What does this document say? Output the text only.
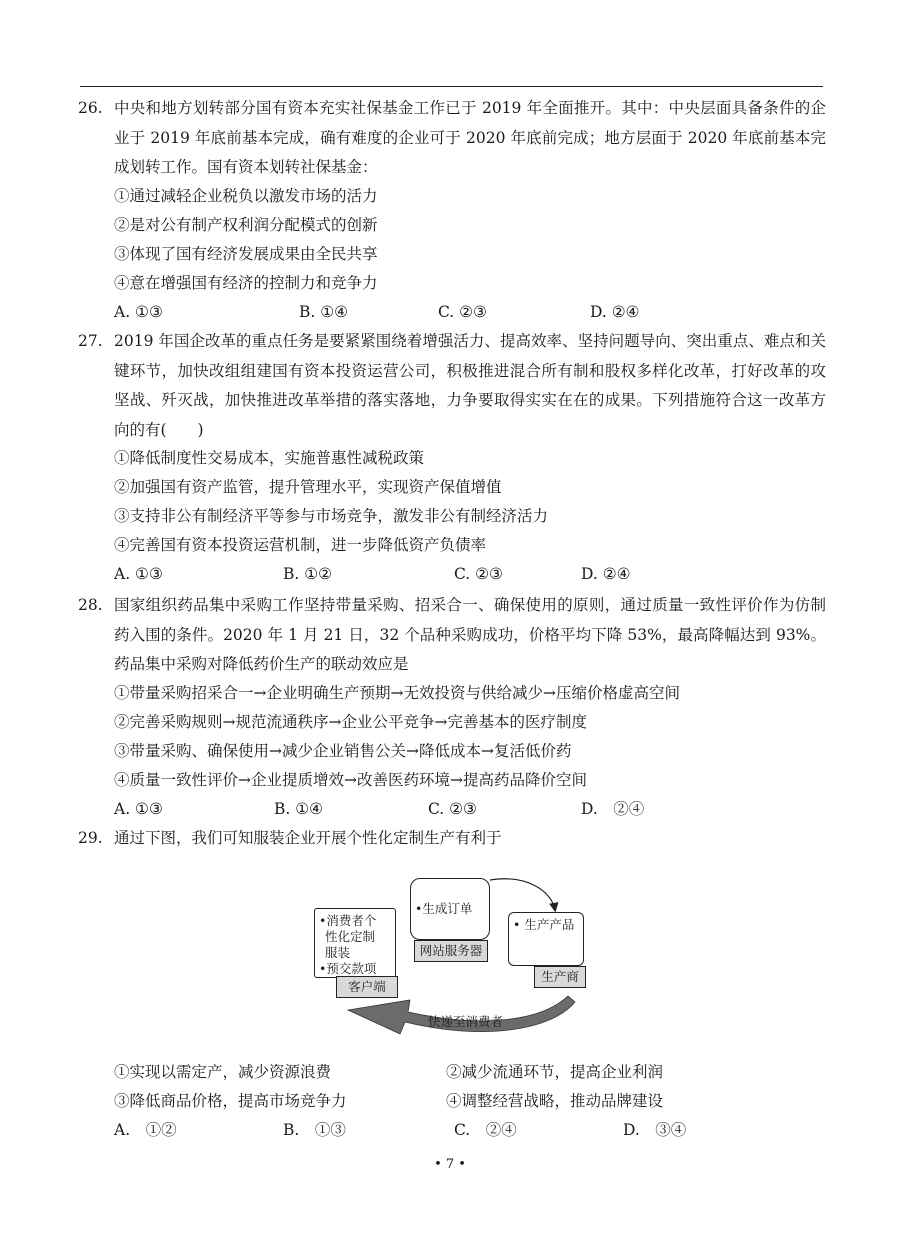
26. 中央和地方划转部分国有资本充实社保基金工作已于 2019 年全面推开。其中：中央层面具备条件的企业于 2019 年底前基本完成，确有难度的企业可于 2020 年底前完成；地方层面于 2020 年底前基本完成划转工作。国有资本划转社保基金：
①通过减轻企业税负以激发市场的活力
②是对公有制产权利润分配模式的创新
③体现了国有经济发展成果由全民共享
④意在增强国有经济的控制力和竞争力
A. ①③	B. ①④	C. ②③	D. ②④
27. 2019 年国企改革的重点任务是要紧紧围绕着增强活力、提高效率、坚持问题导向、突出重点、难点和关键环节，加快改组组建国有资本投资运营公司，积极推进混合所有制和股权多样化改革，打好改革的攻坚战、歼灭战，加快推进改革举措的落实落地，力争要取得实实在在的成果。下列措施符合这一改革方向的有(　　)
①降低制度性交易成本，实施普惠性减税政策
②加强国有资产监管，提升管理水平，实现资产保值增值
③支持非公有制经济平等参与市场竞争，激发非公有制经济活力
④完善国有资本投资运营机制，进一步降低资产负债率
A. ①③	B. ①②	C. ②③	D. ②④
28. 国家组织药品集中采购工作坚持带量采购、招采合一、确保使用的原则，通过质量一致性评价作为仿制药入围的条件。2020 年 1 月 21 日，32 个品种采购成功，价格平均下降 53%，最高降幅达到 93%。药品集中采购对降低药价生产的联动效应是
①带量采购招采合一→企业明确生产预期→无效投资与供给减少→压缩价格虚高空间
②完善采购规则→规范流通秩序→企业公平竞争→完善基本的医疗制度
③带量采购、确保使用→减少企业销售公关→降低成本→复活低价药
④质量一致性评价→企业提质增效→改善医药环境→提高药品降价空间
A. ①③	B. ①④	C. ②③	D.　②④
29. 通过下图，我们可知服装企业开展个性化定制生产有利于
•消费者个
性化定制
服装
•预交款项
客户端
•生成订单
网站服务器
• 生产产品
生产商
快递至消费者
①实现以需定产，减少资源浪费	②减少流通环节，提高企业利润
③降低商品价格，提高市场竞争力	④调整经营战略，推动品牌建设
A.　①②	B.　①③	C.　②④	D.　③④
• 7 •
